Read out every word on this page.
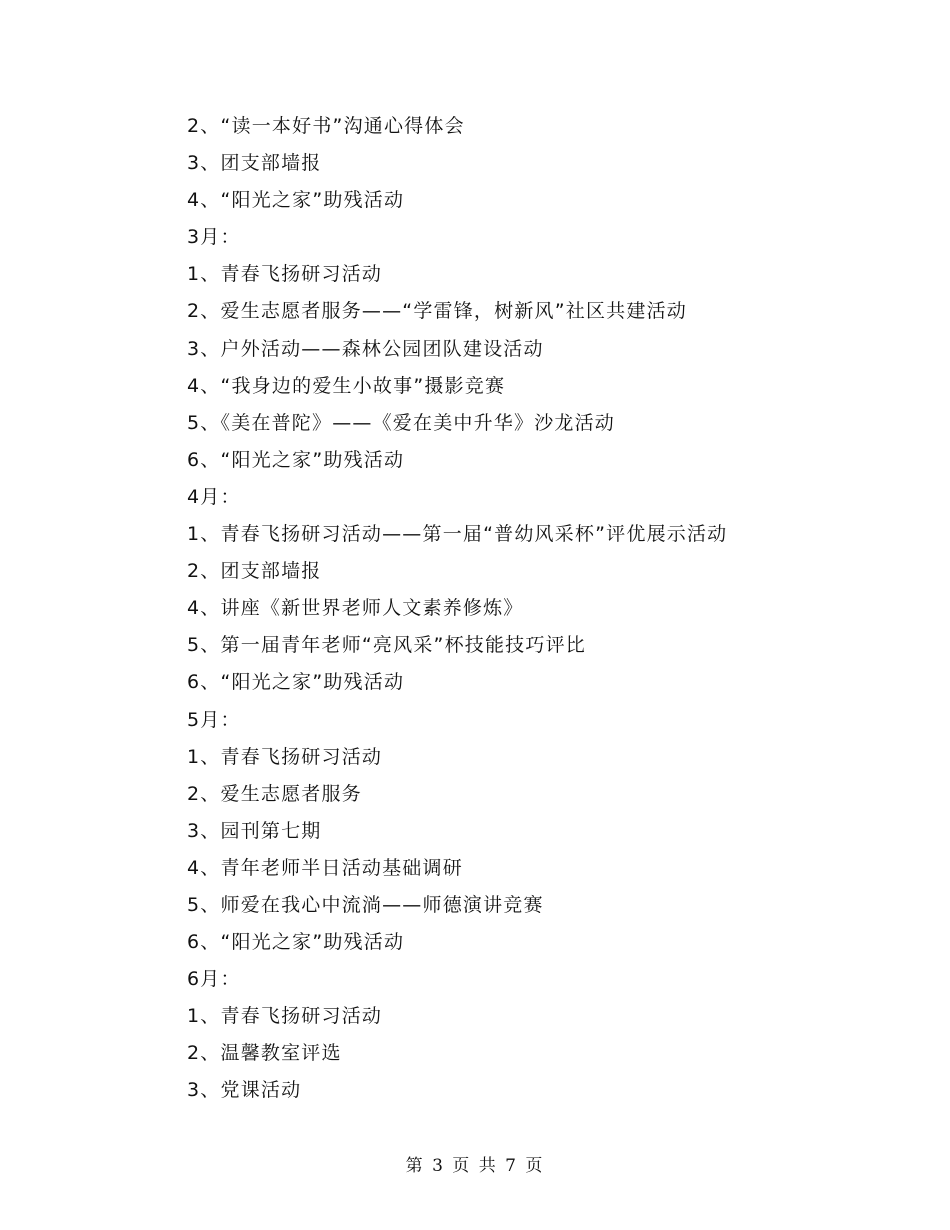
2、“读一本好书”沟通心得体会
3、团支部墙报
4、“阳光之家”助残活动
3月：
1、青春飞扬研习活动
2、爱生志愿者服务——“学雷锋，树新风”社区共建活动
3、户外活动——森林公园团队建设活动
4、“我身边的爱生小故事”摄影竞赛
5、《美在普陀》——《爱在美中升华》沙龙活动
6、“阳光之家”助残活动
4月：
1、青春飞扬研习活动——第一届“普幼风采杯”评优展示活动
2、团支部墙报
4、讲座《新世界老师人文素养修炼》
5、第一届青年老师“亮风采”杯技能技巧评比
6、“阳光之家”助残活动
5月：
1、青春飞扬研习活动
2、爱生志愿者服务
3、园刊第七期
4、青年老师半日活动基础调研
5、师爱在我心中流淌——师德演讲竞赛
6、“阳光之家”助残活动
6月：
1、青春飞扬研习活动
2、温馨教室评选
3、党课活动
第 3 页 共 7 页
